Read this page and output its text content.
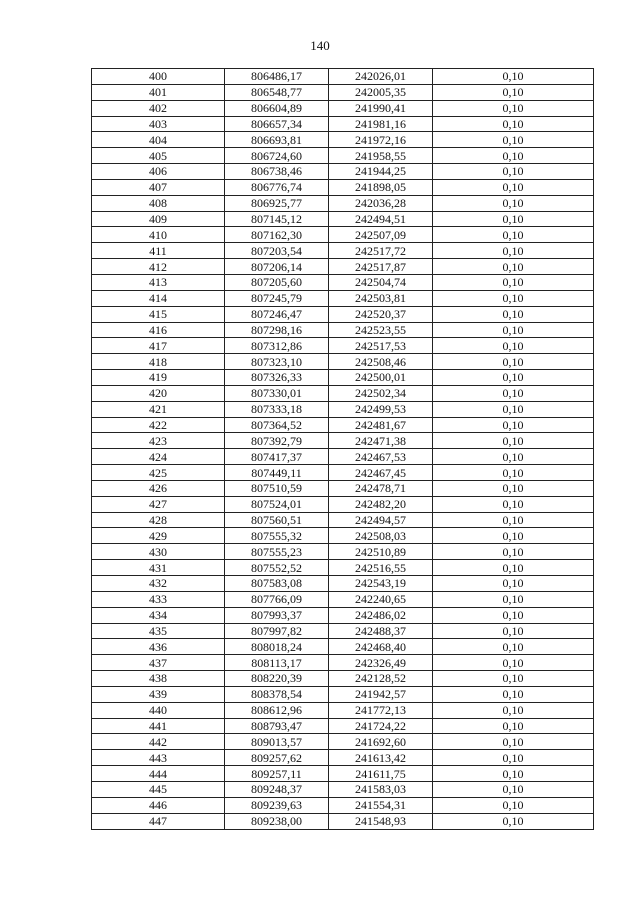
140
400	806486,17	242026,01	0,10
401	806548,77	242005,35	0,10
402	806604,89	241990,41	0,10
403	806657,34	241981,16	0,10
404	806693,81	241972,16	0,10
405	806724,60	241958,55	0,10
406	806738,46	241944,25	0,10
407	806776,74	241898,05	0,10
408	806925,77	242036,28	0,10
409	807145,12	242494,51	0,10
410	807162,30	242507,09	0,10
411	807203,54	242517,72	0,10
412	807206,14	242517,87	0,10
413	807205,60	242504,74	0,10
414	807245,79	242503,81	0,10
415	807246,47	242520,37	0,10
416	807298,16	242523,55	0,10
417	807312,86	242517,53	0,10
418	807323,10	242508,46	0,10
419	807326,33	242500,01	0,10
420	807330,01	242502,34	0,10
421	807333,18	242499,53	0,10
422	807364,52	242481,67	0,10
423	807392,79	242471,38	0,10
424	807417,37	242467,53	0,10
425	807449,11	242467,45	0,10
426	807510,59	242478,71	0,10
427	807524,01	242482,20	0,10
428	807560,51	242494,57	0,10
429	807555,32	242508,03	0,10
430	807555,23	242510,89	0,10
431	807552,52	242516,55	0,10
432	807583,08	242543,19	0,10
433	807766,09	242240,65	0,10
434	807993,37	242486,02	0,10
435	807997,82	242488,37	0,10
436	808018,24	242468,40	0,10
437	808113,17	242326,49	0,10
438	808220,39	242128,52	0,10
439	808378,54	241942,57	0,10
440	808612,96	241772,13	0,10
441	808793,47	241724,22	0,10
442	809013,57	241692,60	0,10
443	809257,62	241613,42	0,10
444	809257,11	241611,75	0,10
445	809248,37	241583,03	0,10
446	809239,63	241554,31	0,10
447	809238,00	241548,93	0,10
